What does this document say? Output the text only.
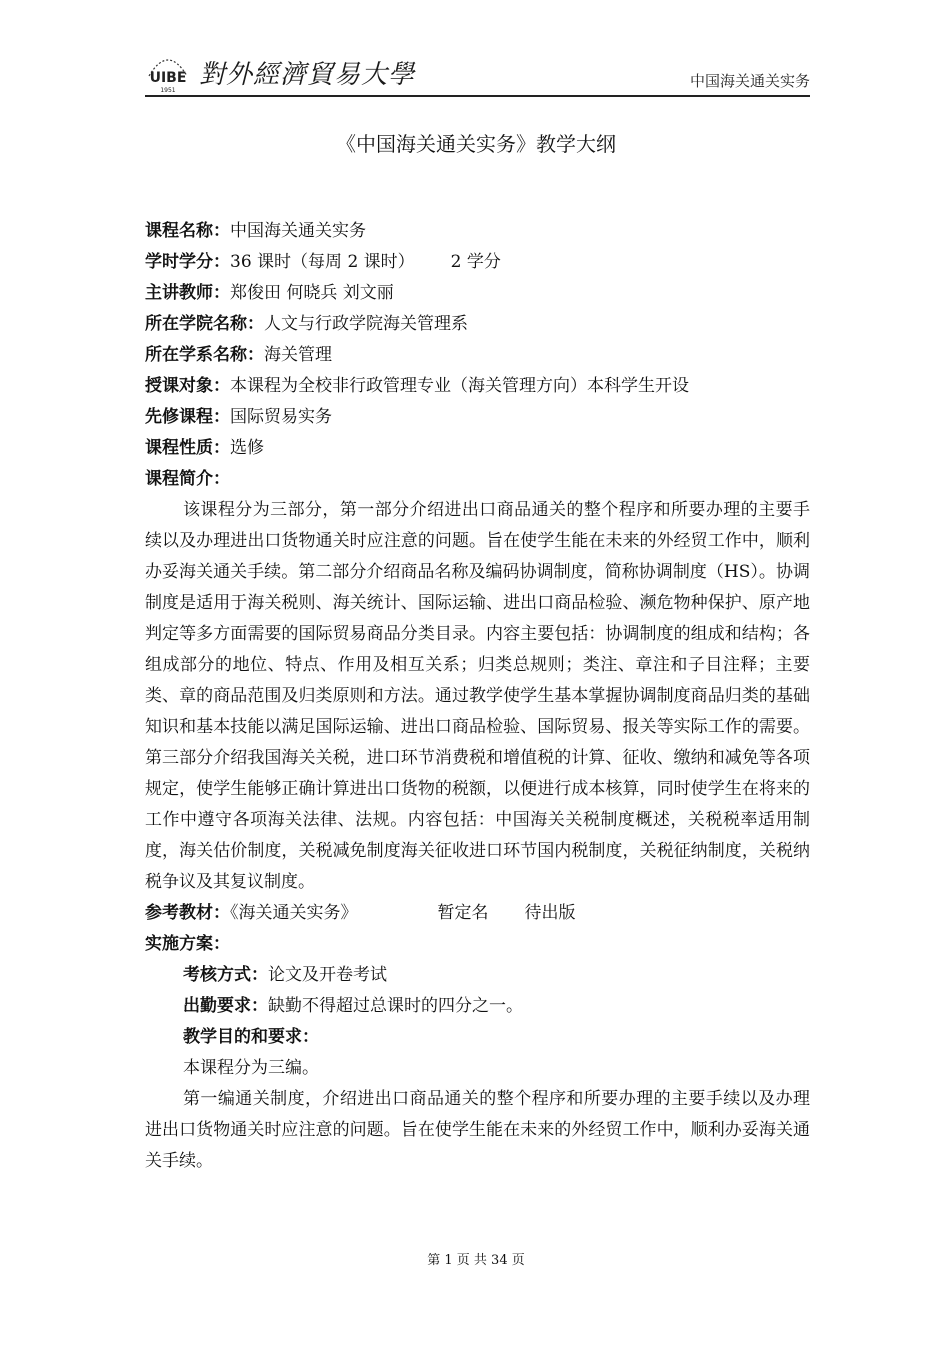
UIBE
1951
對外經濟貿易大學	中国海关通关实务
《中国海关通关实务》教学大纲
课程名称：中国海关通关实务
学时学分：36 课时（每周 2 课时） 2 学分
主讲教师：郑俊田 何晓兵 刘文丽
所在学院名称：人文与行政学院海关管理系
所在学系名称：海关管理
授课对象：本课程为全校非行政管理专业（海关管理方向）本科学生开设
先修课程：国际贸易实务
课程性质：选修
课程简介：

该课程分为三部分，第一部分介绍进出口商品通关的整个程序和所要办理的主要手续以及办理进出口货物通关时应注意的问题。旨在使学生能在未来的外经贸工作中，顺利办妥海关通关手续。第二部分介绍商品名称及编码协调制度，简称协调制度（HS）。协调制度是适用于海关税则、海关统计、国际运输、进出口商品检验、濒危物种保护、原产地判定等多方面需要的国际贸易商品分类目录。内容主要包括：协调制度的组成和结构；各组成部分的地位、特点、作用及相互关系；归类总规则；类注、章注和子目注释；主要类、章的商品范围及归类原则和方法。通过教学使学生基本掌握协调制度商品归类的基础知识和基本技能以满足国际运输、进出口商品检验、国际贸易、报关等实际工作的需要。第三部分介绍我国海关关税，进口环节消费税和增值税的计算、征收、缴纳和减免等各项规定，使学生能够正确计算进出口货物的税额，以便进行成本核算，同时使学生在将来的工作中遵守各项海关法律、法规。内容包括：中国海关关税制度概述，关税税率适用制度，海关估价制度，关税减免制度海关征收进口环节国内税制度，关税征纳制度，关税纳税争议及其复议制度。

参考教材：《海关通关实务》	暂定名 待出版
实施方案：
考核方式：论文及开卷考试
出勤要求：缺勤不得超过总课时的四分之一。
教学目的和要求：
本课程分为三编。

第一编通关制度，介绍进出口商品通关的整个程序和所要办理的主要手续以及办理进出口货物通关时应注意的问题。旨在使学生能在未来的外经贸工作中，顺利办妥海关通关手续。

第 1 页 共 34 页
